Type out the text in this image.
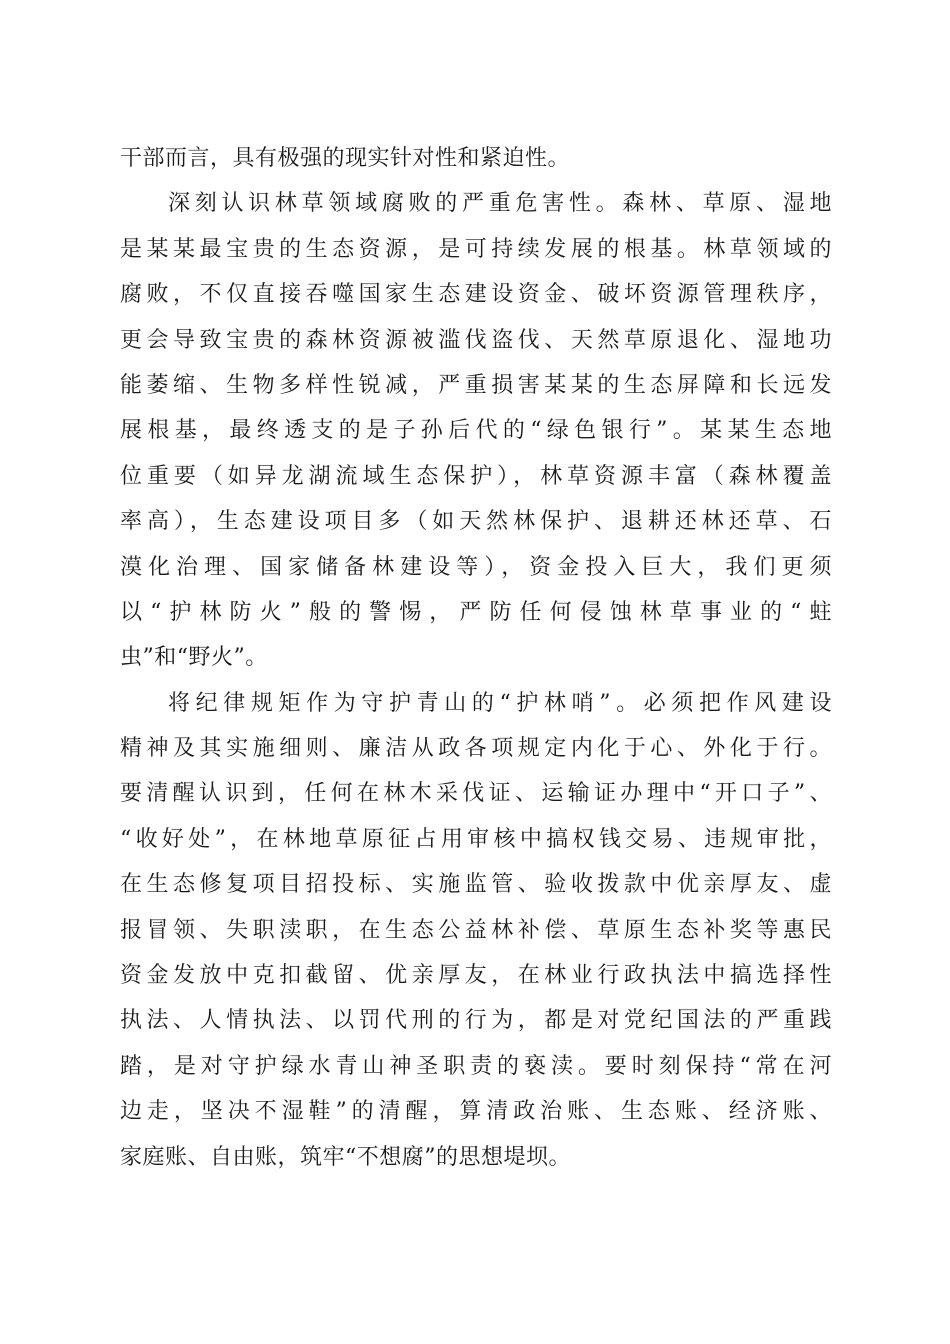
干部而言，具有极强的现实针对性和紧迫性。
深刻认识林草领域腐败的严重危害性。森林、草原、湿地
是某某最宝贵的生态资源，是可持续发展的根基。林草领域的
腐败，不仅直接吞噬国家生态建设资金、破坏资源管理秩序，
更会导致宝贵的森林资源被滥伐盗伐、天然草原退化、湿地功
能萎缩、生物多样性锐减，严重损害某某的生态屏障和长远发
展根基，最终透支的是子孙后代的“绿色银行”。某某生态地
位重要（如异龙湖流域生态保护），林草资源丰富（森林覆盖
率高），生态建设项目多（如天然林保护、退耕还林还草、石
漠化治理、国家储备林建设等），资金投入巨大，我们更须
以“护林防火”般的警惕，严防任何侵蚀林草事业的“蛀
虫”和“野火”。
将纪律规矩作为守护青山的“护林哨”。必须把作风建设
精神及其实施细则、廉洁从政各项规定内化于心、外化于行。
要清醒认识到，任何在林木采伐证、运输证办理中“开口子”、
“收好处”，在林地草原征占用审核中搞权钱交易、违规审批，
在生态修复项目招投标、实施监管、验收拨款中优亲厚友、虚
报冒领、失职渎职，在生态公益林补偿、草原生态补奖等惠民
资金发放中克扣截留、优亲厚友，在林业行政执法中搞选择性
执法、人情执法、以罚代刑的行为，都是对党纪国法的严重践
踏，是对守护绿水青山神圣职责的亵渎。要时刻保持“常在河
边走，坚决不湿鞋”的清醒，算清政治账、生态账、经济账、
家庭账、自由账，筑牢“不想腐”的思想堤坝。
